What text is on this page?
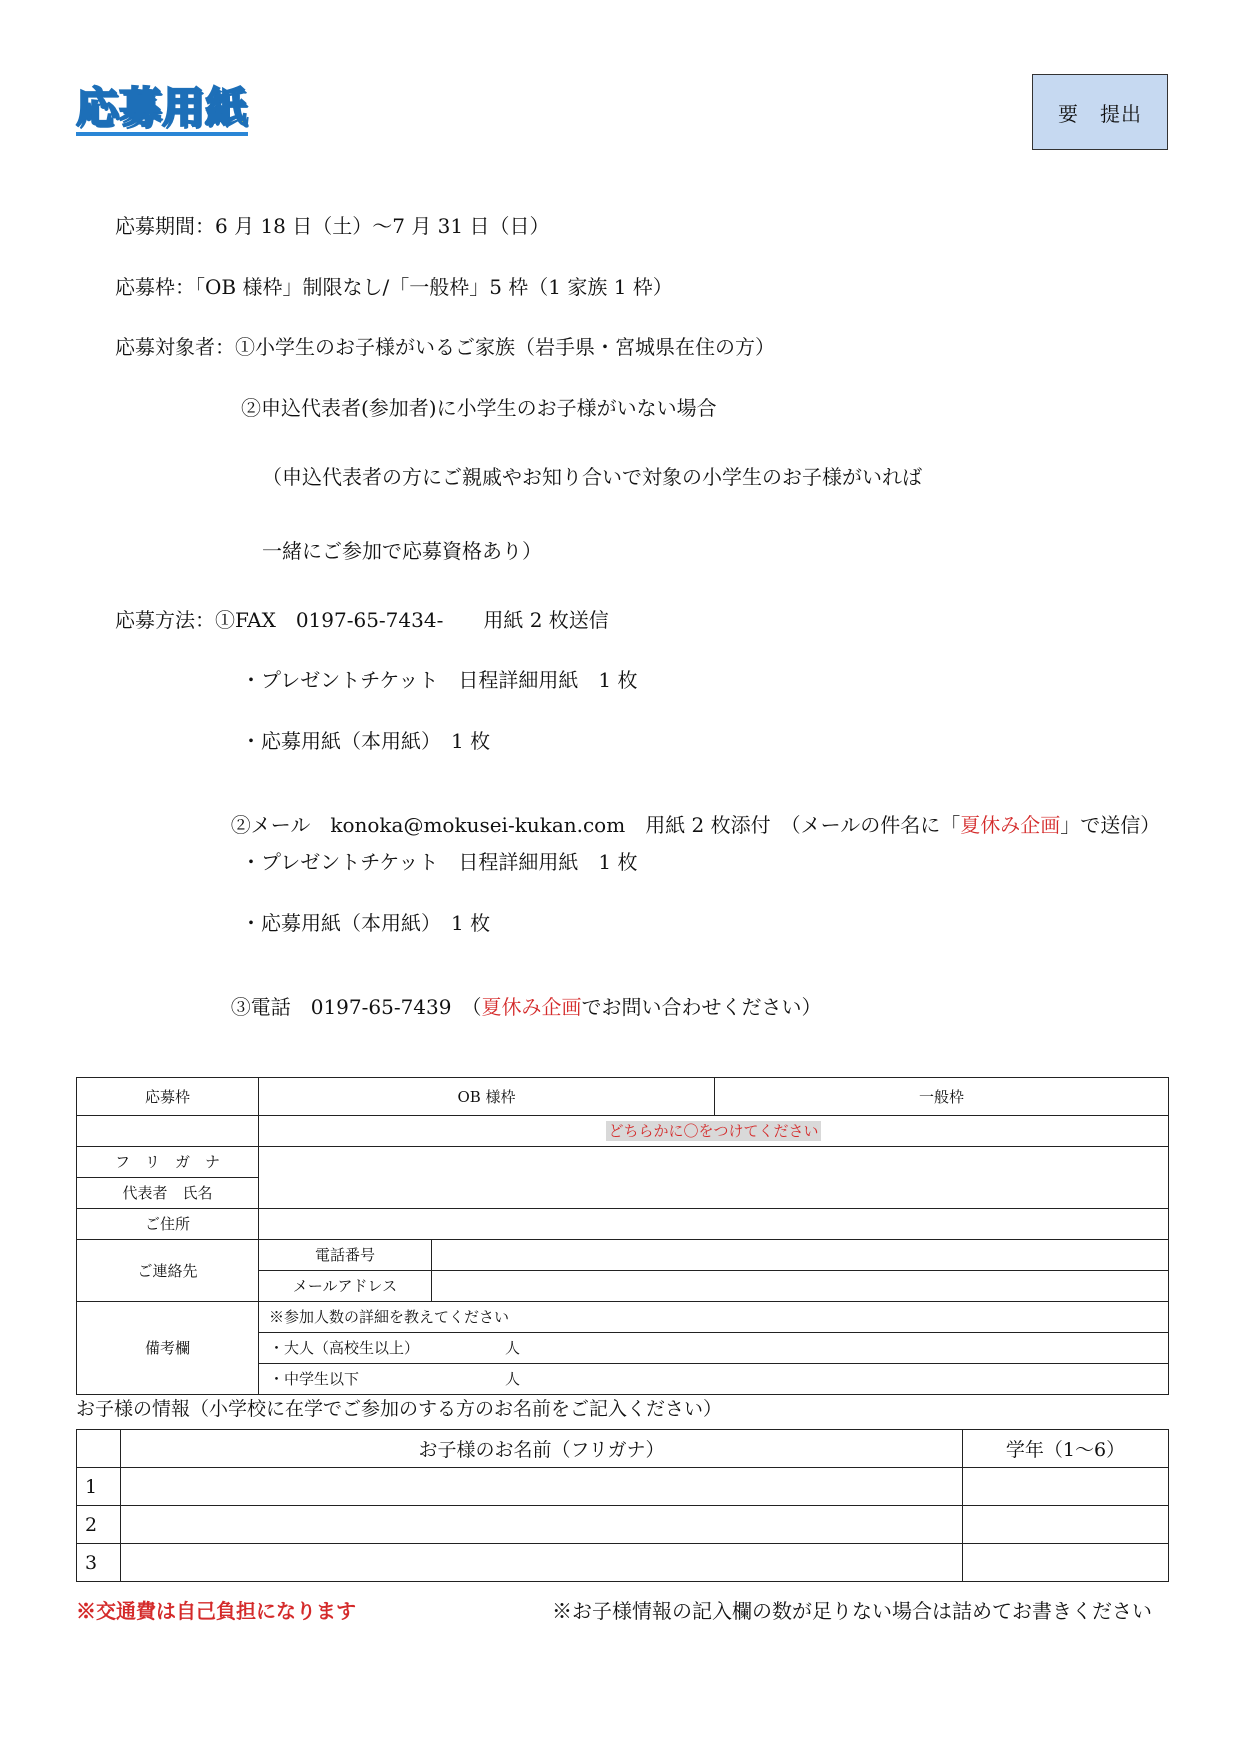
応募用紙	要　提出
応募期間：6 月 18 日（土）〜7 月 31 日（日）
応募枠：「OB 様枠」制限なし/「一般枠」5 枠（1 家族 1 枠）
応募対象者：①小学生のお子様がいるご家族（岩手県・宮城県在住の方）
②申込代表者(参加者)に小学生のお子様がいない場合
（申込代表者の方にご親戚やお知り合いで対象の小学生のお子様がいれば
一緒にご参加で応募資格あり）
応募方法：①FAX　0197-65-7434-　　用紙 2 枚送信
・プレゼントチケット　日程詳細用紙　1 枚
・応募用紙（本用紙）　1 枚

②メール　konoka@mokusei-kukan.com　用紙 2 枚添付　（メールの件名に「夏休み企画」で送信）

・プレゼントチケット　日程詳細用紙　1 枚
・応募用紙（本用紙）　1 枚

③電話　0197-65-7439　（夏休み企画でお問い合わせください）

応募枠	OB 様枠		一般枠
	どちらかに〇をつけてください		
フ　リ　ガ　ナ			
代表者　氏名			
ご住所			
ご連絡先	電話番号		
	メールアドレス		
備考欄	※参加人数の詳細を教えてください		
	・大人（高校生以上） 人		
	・中学生以下 人		
お子様の情報（小学校に在学でご参加のする方のお名前をご記入ください）
	お子様のお名前（フリガナ）	学年（1〜6）
1		
2		
3		
※交通費は自己負担になります	※お子様情報の記入欄の数が足りない場合は詰めてお書きください
